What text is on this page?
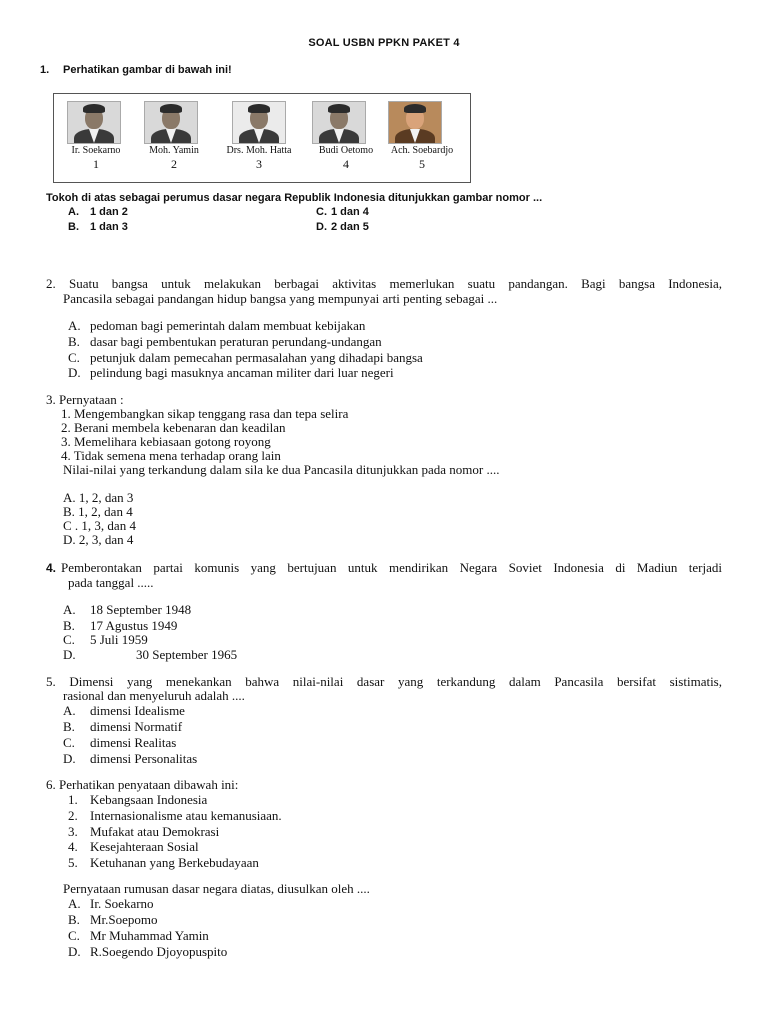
SOAL USBN PPKN PAKET 4
1. Perhatikan gambar di bawah ini!
Ir. Soekarno	Moh. Yamin	Drs. Moh. Hatta	Budi Oetomo	Ach. Soebardjo
1	2	3	4	5
Tokoh di atas sebagai perumus dasar negara Republik Indonesia ditunjukkan gambar nomor ...
A. 1 dan 2
B. 1 dan 3
C. 1 dan 4
D. 2 dan 5
2. Suatu bangsa untuk melakukan berbagai aktivitas memerlukan suatu pandangan. Bagi bangsa Indonesia,
Pancasila sebagai pandangan hidup bangsa yang mempunyai arti penting sebagai ...
A. pedoman bagi pemerintah dalam membuat kebijakan
B. dasar bagi pembentukan peraturan perundang-undangan
C. petunjuk dalam pemecahan permasalahan yang dihadapi bangsa
D. pelindung bagi masuknya ancaman militer dari luar negeri
3. Pernyataan :
1. Mengembangkan sikap tenggang rasa dan tepa selira
2. Berani membela kebenaran dan keadilan
3. Memelihara kebiasaan gotong royong
4. Tidak semena mena terhadap orang lain
Nilai-nilai yang terkandung dalam sila ke dua Pancasila ditunjukkan pada nomor ....
A. 1, 2, dan 3
B. 1, 2, dan 4
C . 1, 3, dan 4
D. 2, 3, dan 4
4. Pemberontakan partai komunis yang bertujuan untuk mendirikan Negara Soviet Indonesia di Madiun terjadi
pada tanggal .....
A. 18 September 1948
B. 17 Agustus 1949
C. 5 Juli 1959
D.	30 September 1965
5. Dimensi yang menekankan bahwa nilai-nilai dasar yang terkandung dalam Pancasila bersifat sistimatis,
rasional dan menyeluruh adalah ....
A. dimensi Idealisme
B. dimensi Normatif
C. dimensi Realitas
D. dimensi Personalitas
6. Perhatikan penyataan dibawah ini:
1. Kebangsaan Indonesia
2. Internasionalisme atau kemanusiaan.
3. Mufakat atau Demokrasi
4. Kesejahteraan Sosial
5. Ketuhanan yang Berkebudayaan
Pernyataan rumusan dasar negara diatas, diusulkan oleh ....
A. Ir. Soekarno
B. Mr.Soepomo
C. Mr Muhammad Yamin
D. R.Soegendo Djoyopuspito
